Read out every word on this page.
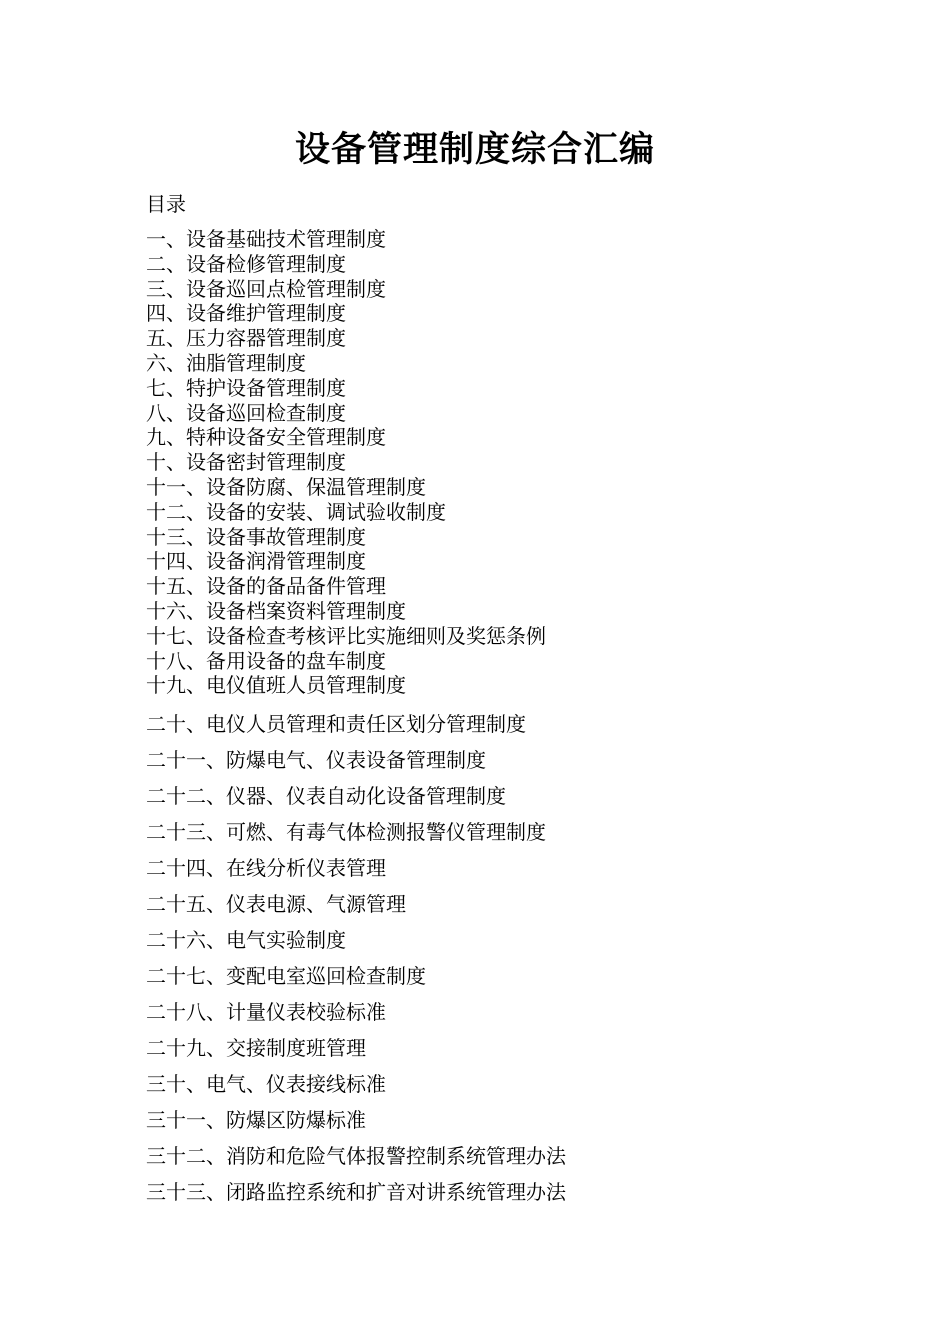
设备管理制度综合汇编

目录

一、设备基础技术管理制度
二、设备检修管理制度
三、设备巡回点检管理制度
四、设备维护管理制度
五、压力容器管理制度
六、油脂管理制度
七、特护设备管理制度
八、设备巡回检查制度
九、特种设备安全管理制度
十、设备密封管理制度
十一、设备防腐、保温管理制度
十二、设备的安装、调试验收制度
十三、设备事故管理制度
十四、设备润滑管理制度
十五、设备的备品备件管理
十六、设备档案资料管理制度
十七、设备检查考核评比实施细则及奖惩条例
十八、备用设备的盘车制度
十九、电仪值班人员管理制度
二十、电仪人员管理和责任区划分管理制度
二十一、防爆电气、仪表设备管理制度
二十二、仪器、仪表自动化设备管理制度
二十三、可燃、有毒气体检测报警仪管理制度
二十四、在线分析仪表管理
二十五、仪表电源、气源管理
二十六、电气实验制度
二十七、变配电室巡回检查制度
二十八、计量仪表校验标准
二十九、交接制度班管理
三十、电气、仪表接线标准
三十一、防爆区防爆标准
三十二、消防和危险气体报警控制系统管理办法
三十三、闭路监控系统和扩音对讲系统管理办法
